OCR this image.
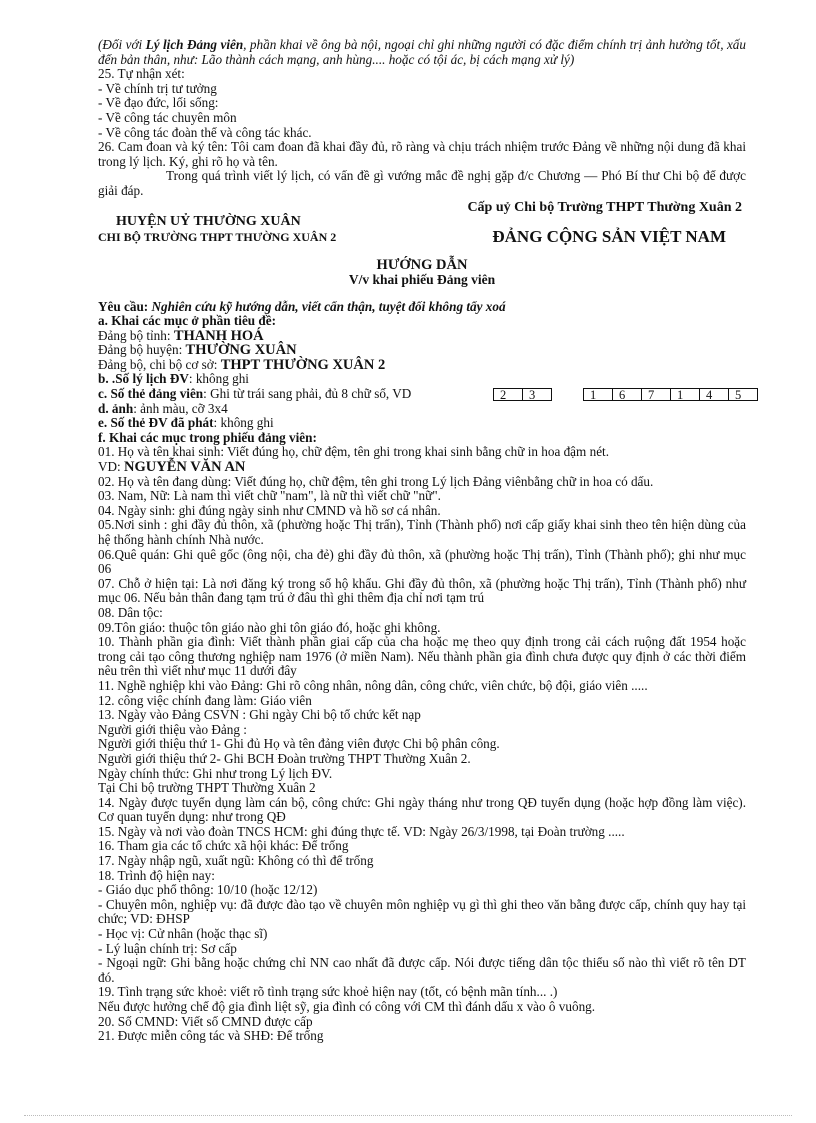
(Đối với Lý lịch Đảng viên, phần khai về ông bà nội, ngoại chỉ ghi những người có đặc điểm chính trị ảnh hưởng tốt, xấu đến bản thân, như: Lão thành cách mạng, anh hùng.... hoặc có tội ác, bị cách mạng xử lý)
25. Tự nhận xét:
- Về chính trị tư tưởng
- Về đạo đức, lối sống:
- Về công tác chuyên môn
- Về công tác đoàn thể và công tác khác.
26. Cam đoan và ký tên: Tôi cam đoan đã khai đầy đủ, rõ ràng và chịu trách nhiệm trước Đảng về những nội dung đã khai trong lý lịch. Ký, ghi rõ họ và tên.
Trong quá trình viết lý lịch, có vấn đề gì vướng mắc đề nghị gặp đ/c Chương — Phó Bí thư Chi bộ để được giải đáp.
Cấp uỷ Chi bộ Trường THPT Thường Xuân 2
HUYỆN UỶ THƯỜNG XUÂN
CHI BỘ TRƯỜNG THPT THƯỜNG XUÂN 2	ĐẢNG CỘNG SẢN VIỆT NAM
HƯỚNG DẪN
V/v khai phiếu Đảng viên
Yêu cầu: Nghiên cứu kỹ hướng dẫn, viết cẩn thận, tuyệt đối không tẩy xoá
a. Khai các mục ở phần tiêu đề:
Đảng bộ tỉnh: THANH HOÁ
Đảng bộ huyện: THƯỜNG XUÂN
Đảng bộ, chi bộ cơ sở: THPT THƯỜNG XUÂN 2
b. .Số lý lịch ĐV: không ghi
c. Số thẻ đảng viên: Ghi từ trái sang phải, đủ 8 chữ số, VD	2	3	1	6	7	1	4	5
d. ảnh: ảnh màu, cỡ 3x4
e. Số thẻ ĐV đã phát: không ghi
f. Khai các mục trong phiếu đảng viên:
01. Họ và tên khai sinh: Viết đúng họ, chữ đệm, tên ghi trong khai sinh bằng chữ in hoa đậm nét.
VD: NGUYỄN VĂN AN
02. Họ và tên đang dùng: Viết đúng họ, chữ đệm, tên ghi trong Lý lịch Đảng viênbằng chữ in hoa có dấu.
03. Nam, Nữ: Là nam thì viết chữ "nam", là nữ thì viết chữ "nữ".
04. Ngày sinh: ghi đúng ngày sinh như CMND và hồ sơ cá nhân.
05.Nơi sinh : ghi đầy đủ thôn, xã (phường hoặc Thị trấn), Tỉnh (Thành phố) nơi cấp giấy khai sinh theo tên hiện dùng của hệ thống hành chính Nhà nước.
06.Quê quán: Ghi quê gốc (ông nội, cha đẻ) ghi đầy đủ thôn, xã (phường hoặc Thị trấn), Tỉnh (Thành phố); ghi như mục 06
07. Chỗ ở hiện tại: Là nơi đăng ký trong sổ hộ khẩu. Ghi đầy đủ thôn, xã (phường hoặc Thị trấn), Tỉnh (Thành phố) như mục 06. Nếu bản thân đang tạm trú ở đâu thì ghi thêm địa chỉ nơi tạm trú
08. Dân tộc:
09.Tôn giáo: thuộc tôn giáo nào ghi tôn giáo đó, hoặc ghi không.
10. Thành phần gia đình: Viết thành phần giai cấp của cha hoặc mẹ theo quy định trong cải cách ruộng đất 1954 hoặc trong cải tạo công thương nghiệp nam 1976 (ở miền Nam). Nếu thành phần gia đình chưa được quy định ở các thời điểm nêu trên thì viết như mục 11 dưới đây
11. Nghề nghiệp khi vào Đảng: Ghi rõ công nhân, nông dân, công chức, viên chức, bộ đội, giáo viên .....
12. công việc chính đang làm: Giáo viên
13. Ngày vào Đảng CSVN : Ghi ngày Chi bộ tổ chức kết nạp
Người giới thiệu vào Đảng :
Người giới thiệu thứ 1- Ghi đủ Họ và tên đảng viên được Chi bộ phân công.
Người giới thiệu thứ 2- Ghi BCH Đoàn trường THPT Thường Xuân 2.
Ngày chính thức: Ghi như trong Lý lịch ĐV.
Tại Chi bộ trường THPT Thường Xuân 2
14. Ngày được tuyển dụng làm cán bộ, công chức: Ghi ngày tháng như trong QĐ tuyển dụng (hoặc hợp đồng làm việc). Cơ quan tuyển dụng: như trong QĐ
15. Ngày và nơi vào đoàn TNCS HCM: ghi đúng thực tế. VD: Ngày 26/3/1998, tại Đoàn trường .....
16. Tham gia các tổ chức xã hội khác: Để trống
17. Ngày nhập ngũ, xuất ngũ: Không có thì để trống
18. Trình độ hiện nay:
- Giáo dục phổ thông: 10/10 (hoặc 12/12)
- Chuyên môn, nghiệp vụ: đã được đào tạo về chuyên môn nghiệp vụ gì thì ghi theo văn bằng được cấp, chính quy hay tại chức; VD: ĐHSP
- Học vị: Cử nhân (hoặc thạc sĩ)
- Lý luận chính trị: Sơ cấp
- Ngoại ngữ: Ghi bằng hoặc chứng chỉ NN cao nhất đã được cấp. Nói được tiếng dân tộc thiểu số nào thì viết rõ tên DT đó.
19. Tình trạng sức khoẻ: viết rõ tình trạng sức khoẻ hiện nay (tốt, có bệnh mãn tính... .)
Nếu được hưởng chế độ gia đình liệt sỹ, gia đình có công với CM thì đánh dấu x vào ô vuông.
20. Số CMND: Viết số CMND được cấp
21. Được miễn công tác và SHĐ: Để trống
